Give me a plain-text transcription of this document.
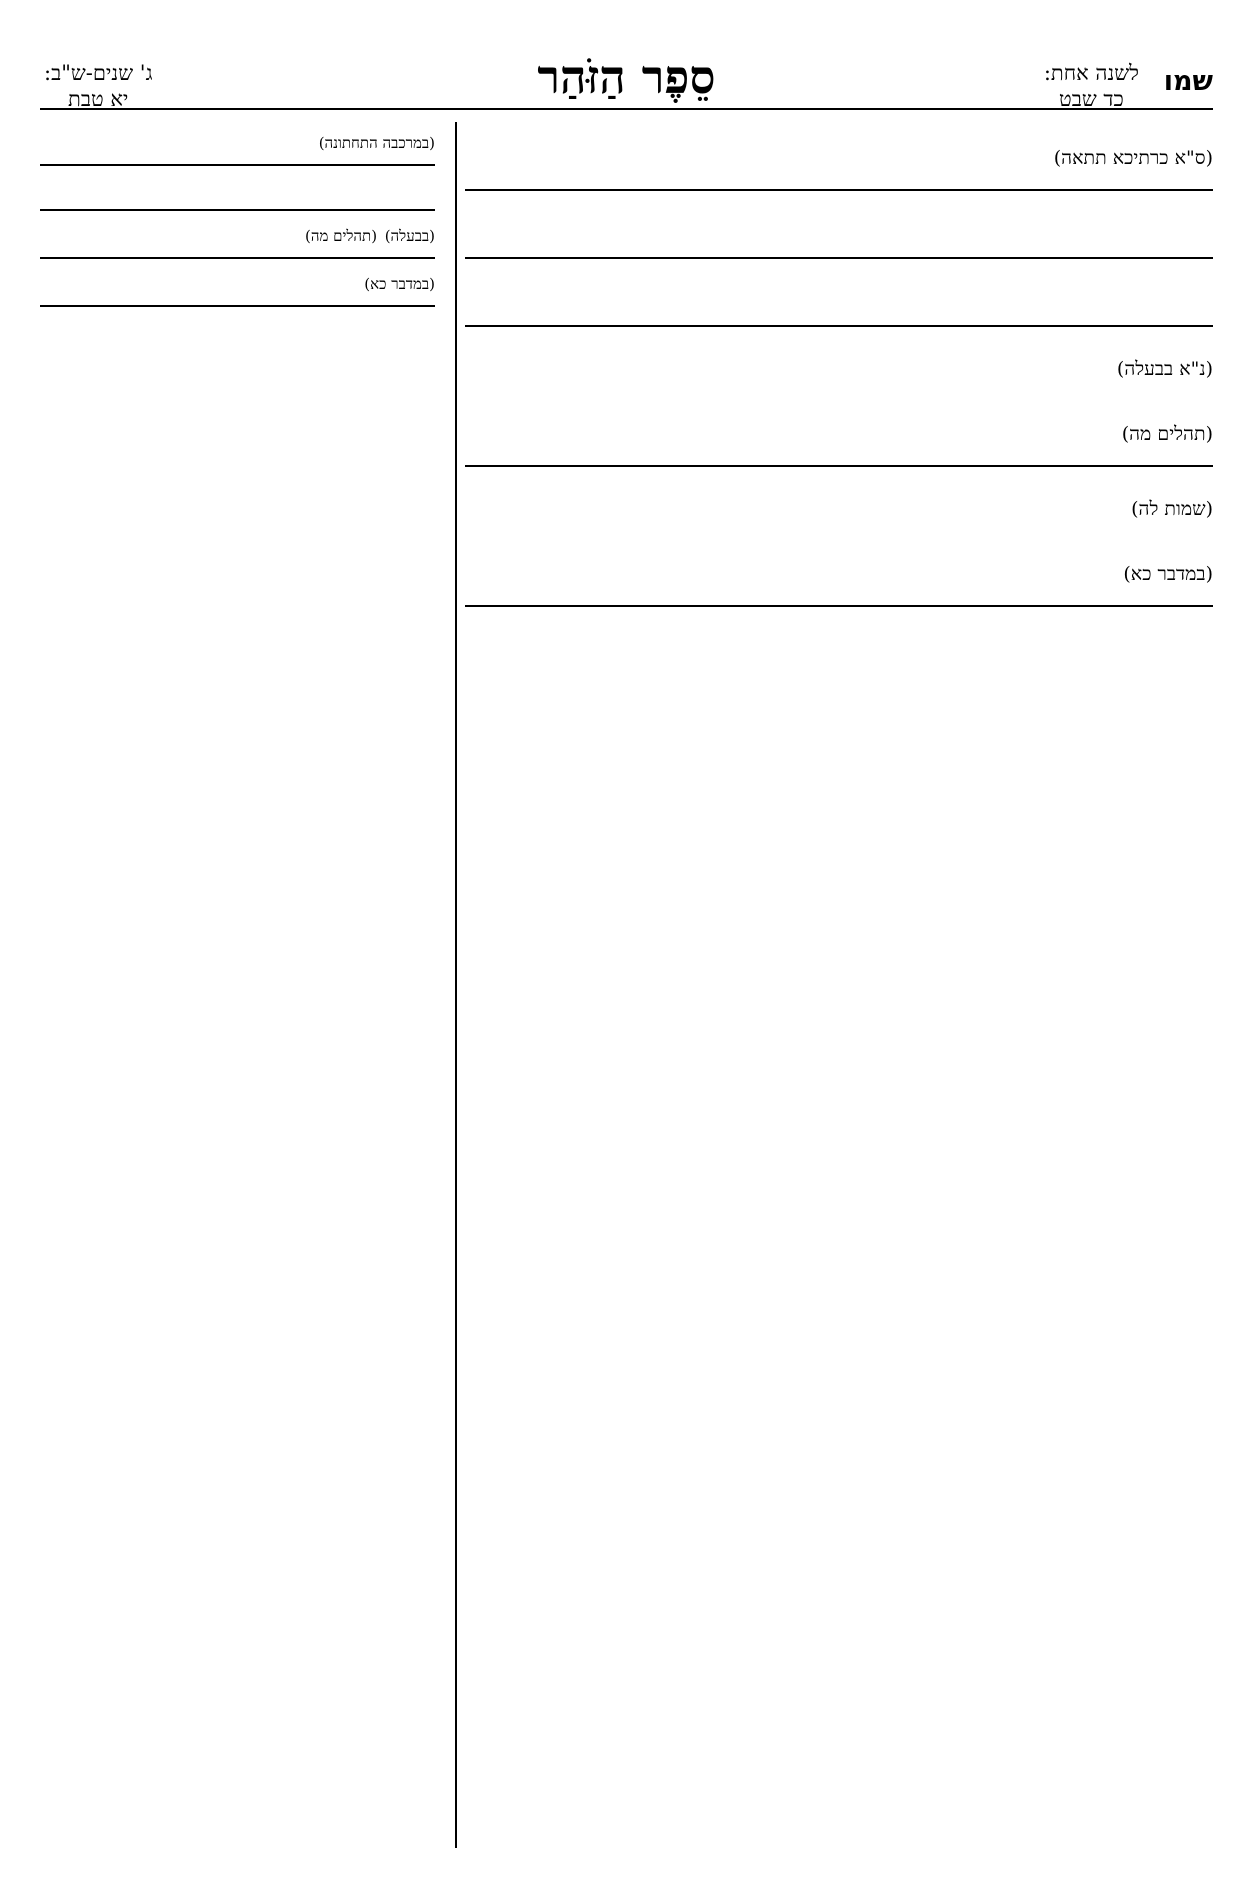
שמו
לשנה אחת:
כד שבט
סֵפֶר הַזֹּהַר
ג' שנים-ש"ב:
יא טבת

(ס"א כרתיכא תתאה)

(נ"א בבעלה)

(תהלים מה)

(שמות לה)

(במדבר כא)

(במרכבה התחתונה)

(בבעלה) (תהלים מה)

(במדבר כא)
